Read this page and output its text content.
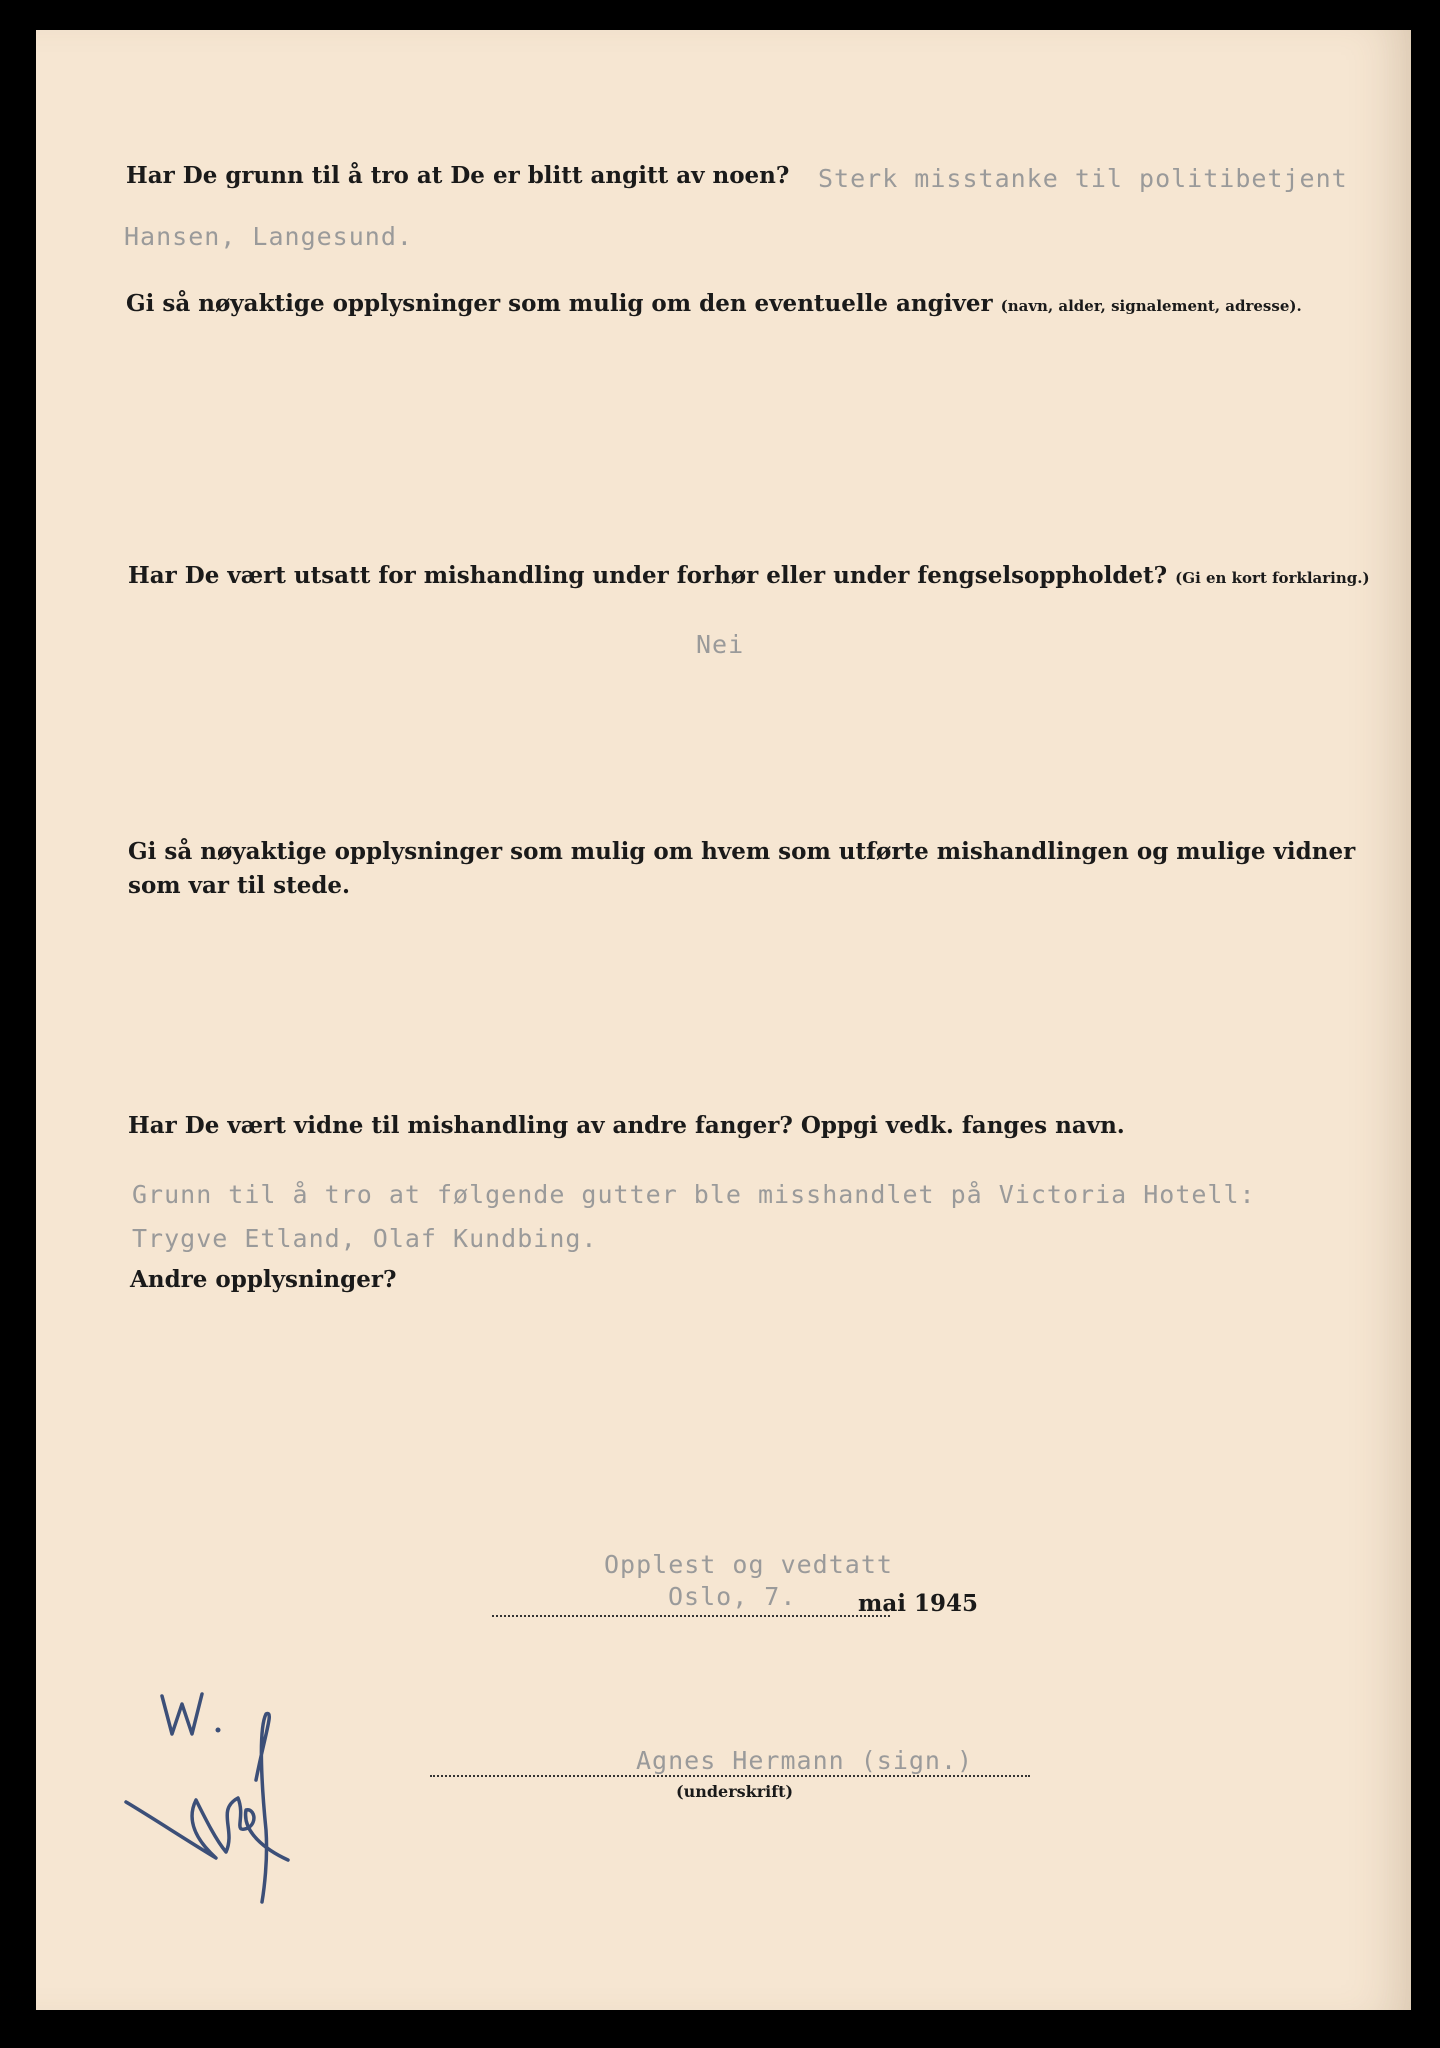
Har De grunn til å tro at De er blitt angitt av noen? Sterk misstanke til politibetjent
Hansen, Langesund.
Gi så nøyaktige opplysninger som mulig om den eventuelle angiver (navn, alder, signalement, adresse).
Har De vært utsatt for mishandling under forhør eller under fengselsoppholdet? (Gi en kort forklaring.)
Nei
Gi så nøyaktige opplysninger som mulig om hvem som utførte mishandlingen og mulige vidner
som var til stede.
Har De vært vidne til mishandling av andre fanger? Oppgi vedk. fanges navn.
Grunn til å tro at følgende gutter ble misshandlet på Victoria Hotell:
Trygve Etland, Olaf Kundbing.
Andre opplysninger?
Opplest og vedtatt
Oslo, 7.	mai 1945
Agnes Hermann (sign.)
(underskrift)
